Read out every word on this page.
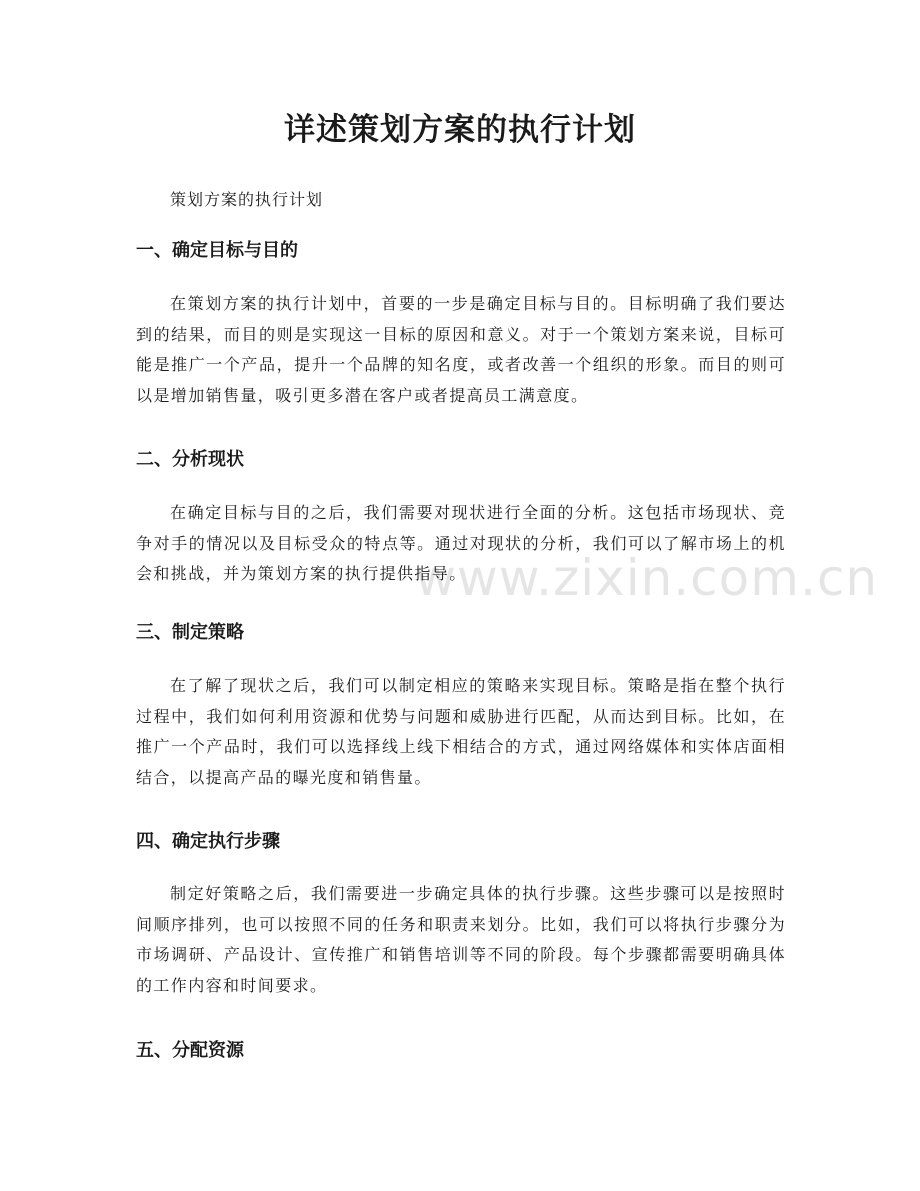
详述策划方案的执行计划

策划方案的执行计划

一、确定目标与目的

在策划方案的执行计划中，首要的一步是确定目标与目的。目标明确了我们要达到的结果，而目的则是实现这一目标的原因和意义。对于一个策划方案来说，目标可能是推广一个产品，提升一个品牌的知名度，或者改善一个组织的形象。而目的则可以是增加销售量，吸引更多潜在客户或者提高员工满意度。

二、分析现状

在确定目标与目的之后，我们需要对现状进行全面的分析。这包括市场现状、竞争对手的情况以及目标受众的特点等。通过对现状的分析，我们可以了解市场上的机会和挑战，并为策划方案的执行提供指导。

三、制定策略

在了解了现状之后，我们可以制定相应的策略来实现目标。策略是指在整个执行过程中，我们如何利用资源和优势与问题和威胁进行匹配，从而达到目标。比如，在推广一个产品时，我们可以选择线上线下相结合的方式，通过网络媒体和实体店面相结合，以提高产品的曝光度和销售量。

四、确定执行步骤

制定好策略之后，我们需要进一步确定具体的执行步骤。这些步骤可以是按照时间顺序排列，也可以按照不同的任务和职责来划分。比如，我们可以将执行步骤分为市场调研、产品设计、宣传推广和销售培训等不同的阶段。每个步骤都需要明确具体的工作内容和时间要求。

五、分配资源
www.zixin.com.cn
